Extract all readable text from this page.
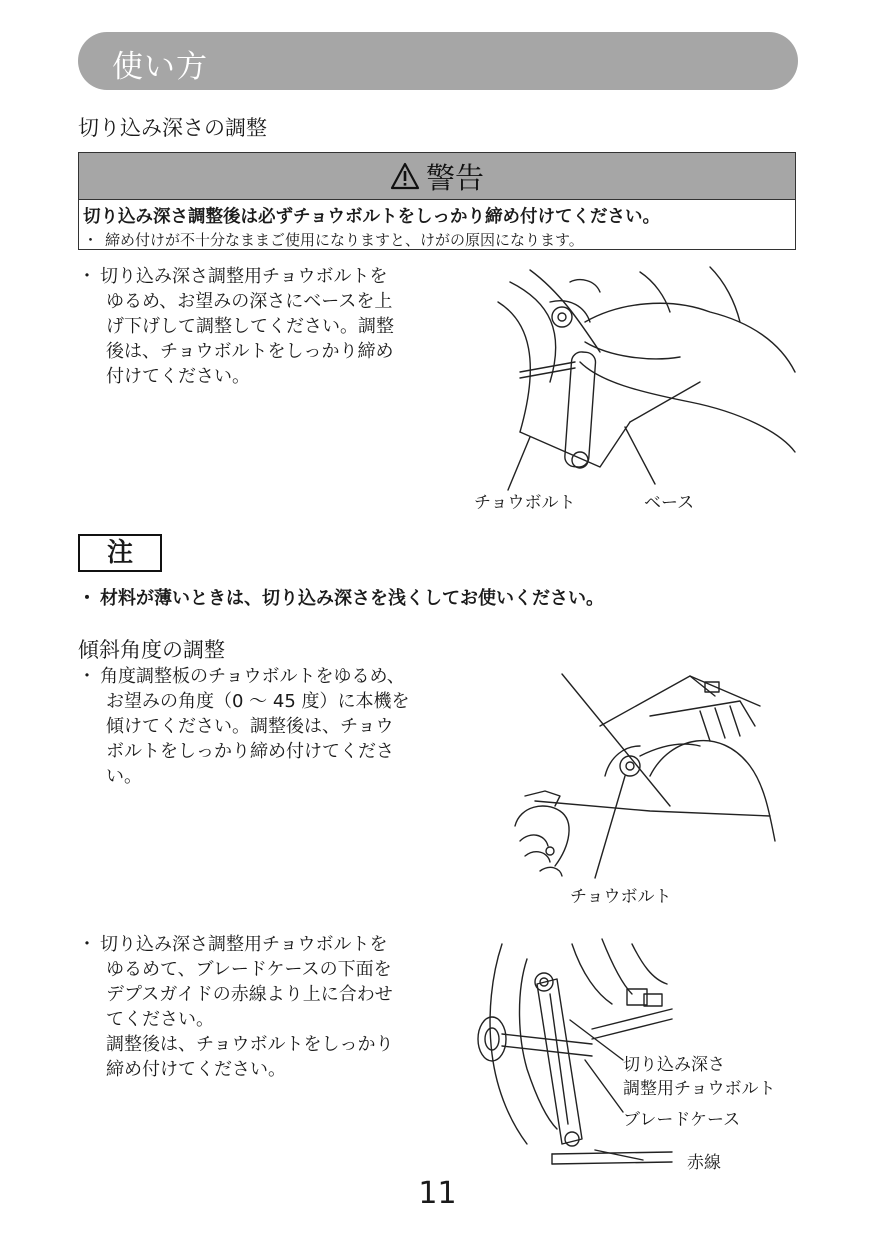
使い方
切り込み深さの調整
警告
切り込み深さ調整後は必ずチョウボルトをしっかり締め付けてください。
・ 締め付けが不十分なままご使用になりますと、けがの原因になります。
・ 切り込み深さ調整用チョウボルトを
ゆるめ、お望みの深さにベースを上
げ下げして調整してください。調整
後は、チョウボルトをしっかり締め
付けてください。
チョウボルト	ベース
注
・ 材料が薄いときは、切り込み深さを浅くしてお使いください。
傾斜角度の調整
・ 角度調整板のチョウボルトをゆるめ、
お望みの角度（0 ～ 45 度）に本機を
傾けてください。調整後は、チョウ
ボルトをしっかり締め付けてくださ
い。
チョウボルト
・ 切り込み深さ調整用チョウボルトを
ゆるめて、ブレードケースの下面を
デプスガイドの赤線より上に合わせ
てください。
調整後は、チョウボルトをしっかり
締め付けてください。	切り込み深さ
調整用チョウボルト
ブレードケース
赤線
11
